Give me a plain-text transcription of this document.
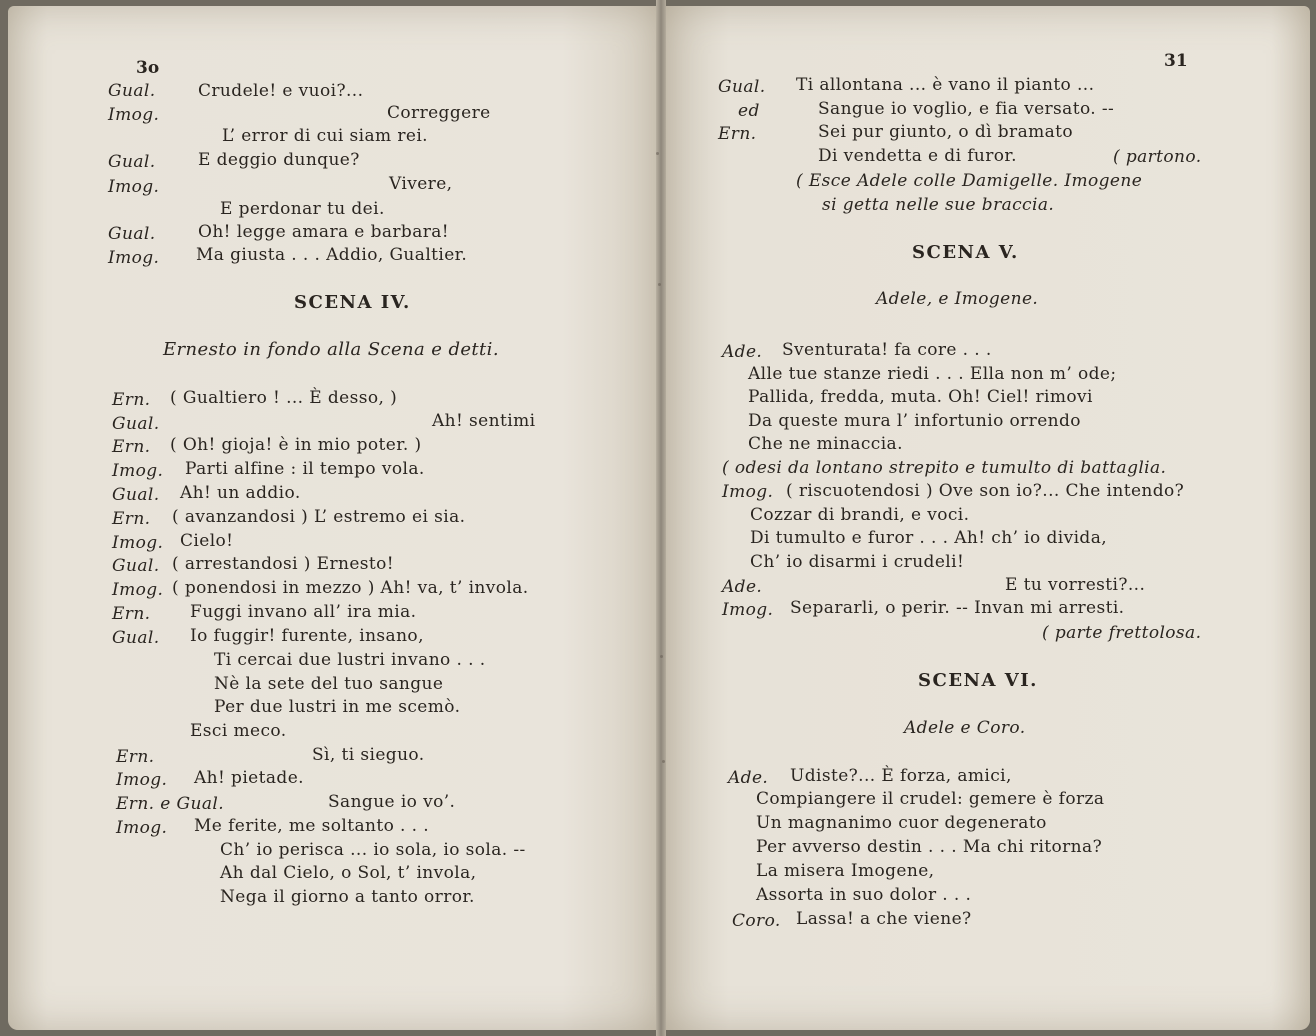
3o
Gual. Crudele! e vuoi?...
Imog.	Correggere
L’ error di cui siam rei.
Gual. E deggio dunque?
Imog.	Vivere,
E perdonar tu dei.
Gual. Oh! legge amara e barbara!
Imog. Ma giusta . . . Addio, Gualtier.
SCENA IV.
Ernesto in fondo alla Scena e detti.
Ern. ( Gualtiero ! ... È desso, )
Gual.	Ah! sentimi
Ern. ( Oh! gioja! è in mio poter. )
Imog. Parti alfine : il tempo vola.
Gual. Ah! un addio.
Ern. ( avanzandosi ) L’ estremo ei sia.
Imog. Cielo!
Gual. ( arrestandosi ) Ernesto!
Imog. ( ponendosi in mezzo ) Ah! va, t’ invola.
Ern. Fuggi invano all’ ira mia.
Gual. Io fuggir! furente, insano,
Ti cercai due lustri invano . . .
Nè la sete del tuo sangue
Per due lustri in me scemò.
Esci meco.
Ern.	Sì, ti sieguo.
Imog. Ah! pietade.
Ern. e Gual.	Sangue io vo’.
Imog. Me ferite, me soltanto . . .
Ch’ io perisca ... io sola, io sola. --
Ah dal Cielo, o Sol, t’ invola,
Nega il giorno a tanto orror.
31
Gual. Ti allontana ... è vano il pianto ...
ed	Sangue io voglio, e fia versato. --
Ern.	Sei pur giunto, o dì bramato
Di vendetta e di furor.	( partono.
( Esce Adele colle Damigelle. Imogene
si getta nelle sue braccia.
SCENA V.
Adele, e Imogene.
Ade. Sventurata! fa core . . .
Alle tue stanze riedi . . . Ella non m’ ode;
Pallida, fredda, muta. Oh! Ciel! rimovi
Da queste mura l’ infortunio orrendo
Che ne minaccia.
( odesi da lontano strepito e tumulto di battaglia.
Imog. ( riscuotendosi ) Ove son io?... Che intendo?
Cozzar di brandi, e voci.
Di tumulto e furor . . . Ah! ch’ io divida,
Ch’ io disarmi i crudeli!
Ade.	E tu vorresti?...
Imog. Separarli, o perir. -- Invan mi arresti.
( parte frettolosa.
SCENA VI.
Adele e Coro.
Ade. Udiste?... È forza, amici,
Compiangere il crudel: gemere è forza
Un magnanimo cuor degenerato
Per avverso destin . . . Ma chi ritorna?
La misera Imogene,
Assorta in suo dolor . . .
Coro. Lassa! a che viene?
